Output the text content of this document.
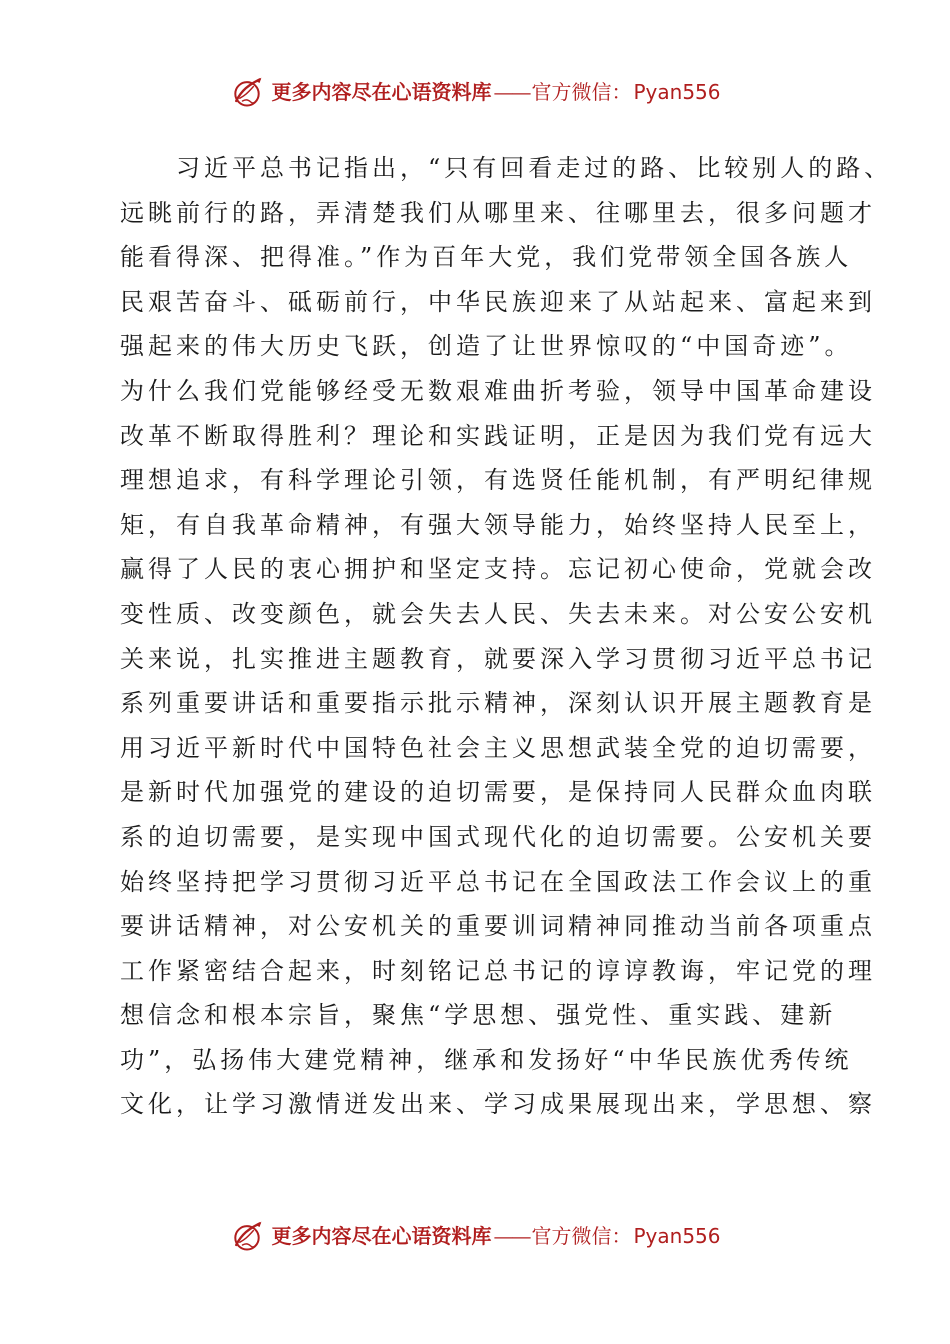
更多内容尽在心语资料库 —— 官方微信： Pyan556
　　习近平总书记指出，“只有回看走过的路、比较别人的路、
远眺前行的路，弄清楚我们从哪里来、往哪里去，很多问题才
能看得深、把得准。”作为百年大党，我们党带领全国各族人
民艰苦奋斗、砥砺前行，中华民族迎来了从站起来、富起来到
强起来的伟大历史飞跃，创造了让世界惊叹的“中国奇迹”。
为什么我们党能够经受无数艰难曲折考验，领导中国革命建设
改革不断取得胜利？理论和实践证明，正是因为我们党有远大
理想追求，有科学理论引领，有选贤任能机制，有严明纪律规
矩，有自我革命精神，有强大领导能力，始终坚持人民至上，
赢得了人民的衷心拥护和坚定支持。忘记初心使命，党就会改
变性质、改变颜色，就会失去人民、失去未来。对公安公安机
关来说，扎实推进主题教育，就要深入学习贯彻习近平总书记
系列重要讲话和重要指示批示精神，深刻认识开展主题教育是
用习近平新时代中国特色社会主义思想武装全党的迫切需要，
是新时代加强党的建设的迫切需要，是保持同人民群众血肉联
系的迫切需要，是实现中国式现代化的迫切需要。公安机关要
始终坚持把学习贯彻习近平总书记在全国政法工作会议上的重
要讲话精神，对公安机关的重要训词精神同推动当前各项重点
工作紧密结合起来，时刻铭记总书记的谆谆教诲，牢记党的理
想信念和根本宗旨，聚焦“学思想、强党性、重实践、建新
功”，弘扬伟大建党精神，继承和发扬好“中华民族优秀传统
文化，让学习激情迸发出来、学习成果展现出来，学思想、察
更多内容尽在心语资料库 —— 官方微信： Pyan556
